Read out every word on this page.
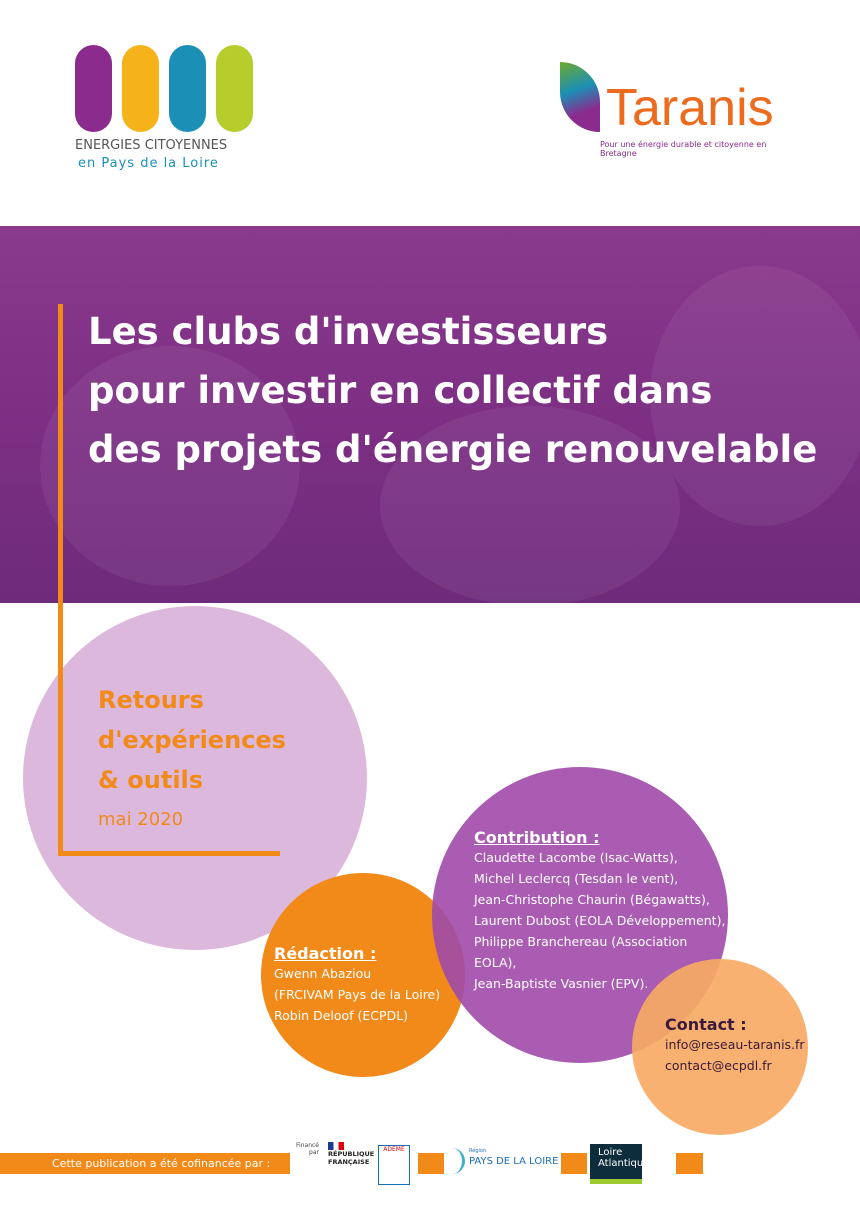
ENERGIES CITOYENNES
en Pays de la Loire
Taranis
Pour une énergie durable et citoyenne en Bretagne
Les clubs d'investisseurs
pour investir en collectif dans
des projets d'énergie renouvelable
Retours
d'expériences
& outils
mai 2020
Rédaction :
Gwenn Abaziou
(FRCIVAM Pays de la Loire)
Robin Deloof (ECPDL)
Contribution :
Claudette Lacombe (Isac-Watts),
Michel Leclercq (Tesdan le vent),
Jean-Christophe Chaurin (Bégawatts),
Laurent Dubost (EOLA Développement),
Philippe Branchereau (Association
EOLA),
Jean-Baptiste Vasnier (EPV).
Contact :
info@reseau-taranis.fr
contact@ecpdl.fr
Cette publication a été cofinancée par :
Financé par RÉPUBLIQUE FRANÇAISE
ADEME	Région
PAYS DE LA LOIRE
Loire
Atlantique
